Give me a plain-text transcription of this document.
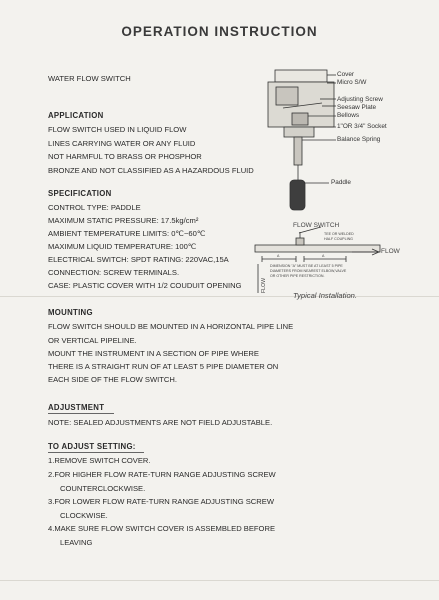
OPERATION INSTRUCTION
WATER FLOW SWITCH
APPLICATION
FLOW SWITCH USED IN LIQUID FLOW
LINES CARRYING WATER OR ANY FLUID
NOT HARMFUL TO BRASS OR PHOSPHOR
BRONZE AND NOT CLASSIFIED AS A HAZARDOUS FLUID
SPECIFICATION
CONTROL TYPE: PADDLE
MAXIMUM STATIC PRESSURE: 17.5kg/cm²
AMBIENT TEMPERATURE LIMITS: 0℃~60℃
MAXIMUM LIQUID TEMPERATURE: 100℃
ELECTRICAL SWITCH: SPDT RATING: 220VAC,15A
CONNECTION: SCREW TERMINALS.
CASE: PLASTIC COVER WITH 1/2 COUDUIT OPENING
MOUNTING
FLOW SWITCH SHOULD BE MOUNTED IN A HORIZONTAL PIPE LINE
OR VERTICAL PIPELINE.
MOUNT THE INSTRUMENT IN A SECTION OF PIPE WHERE
THERE IS A STRAIGHT RUN OF AT LEAST 5 PIPE DIAMETER ON
EACH SIDE OF THE FLOW SWITCH.
ADJUSTMENT
NOTE: SEALED ADJUSTMENTS ARE NOT FIELD ADJUSTABLE.
TO ADJUST SETTING:
1.REMOVE SWITCH COVER.
2.FOR HIGHER FLOW RATE-TURN RANGE ADJUSTING SCREW
COUNTERCLOCKWISE.
3.FOR LOWER FLOW RATE-TURN RANGE ADJUSTING SCREW
CLOCKWISE.
4.MAKE SURE FLOW SWITCH COVER IS ASSEMBLED BEFORE
LEAVING
Cover
Micro S/W
Adjusting Screw
Seesaw Plate
Bellows
1"OR 3/4" Socket
Balance Spring
Paddle
FLOW SWITCH
TEE OR WELDED
HALF COUPLING
FLOW
A	A
DIMENSION "A" MUST BE AT LEAST 5 PIPE
DIAMETERS FROM NEAREST ELBOW,VALVE
OR OTHER PIPE RESTRICTION.
FLOW
Typical Installation.
